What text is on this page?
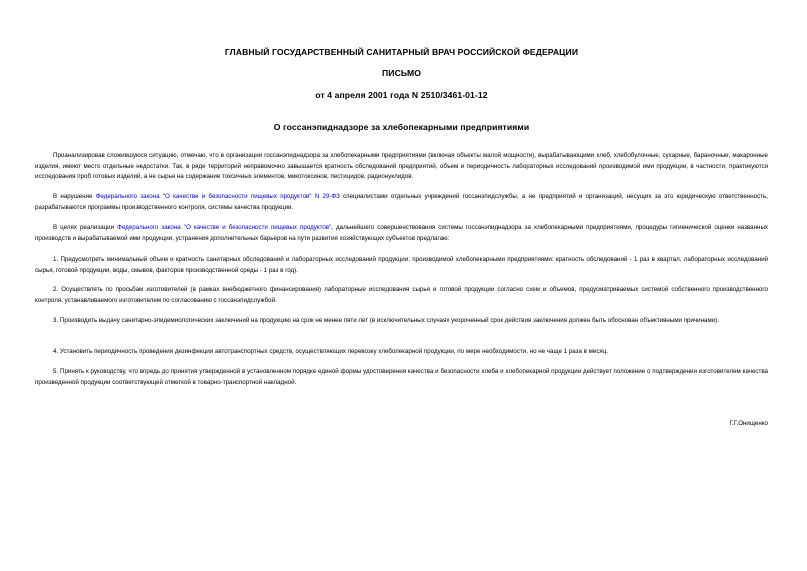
ГЛАВНЫЙ ГОСУДАРСТВЕННЫЙ САНИТАРНЫЙ ВРАЧ РОССИЙСКОЙ ФЕДЕРАЦИИ
ПИСЬМО
от 4 апреля 2001 года N 2510/3461-01-12
О госсанэпиднадзоре за хлебопекарными предприятиями
Проанализировав сложившуюся ситуацию, отмечаю, что в организации госсанэпиднадзора за хлебопекарными предприятиями (включая объекты малой мощности), вырабатывающими хлеб, хлебобулочные, сухарные, бараночные, макаронные изделия, имеют место отдельные недостатки. Так, в ряде территорий неправомочно завышается кратность обследований предприятий, объем и периодичность лабораторных исследований производимой ими продукции, в частности, практикуются исследования проб готовых изделий, а не сырья на содержание токсичных элементов, микотоксинов, пестицидов, радионуклидов.
В нарушение Федерального закона "О качестве и безопасности пищевых продуктов" N 29-ФЗ специалистами отдельных учреждений госсанэпидслужбы, а не предприятий и организаций, несущих за это юридическую ответственность, разрабатываются программы производственного контроля, системы качества продукции.
В целях реализации Федерального закона "О качестве и безопасности пищевых продуктов", дальнейшего совершенствования системы госсанэпиднадзора за хлебопекарными предприятиями, процедуры гигиенической оценки названных производств и вырабатываемой ими продукции, устранения дополнительных барьеров на пути развития хозяйствующих субъектов предлагаю:
1. Предусмотреть минимальный объем и кратность санитарных обследований и лабораторных исследований продукции, производимой хлебопекарными предприятиями: кратность обследований - 1 раз в квартал, лабораторных исследований сырья, готовой продукции, воды, смывов, факторов производственной среды - 1 раз в год).
2. Осуществлять по просьбам изготовителей (в рамках внебюджетного финансирования) лабораторные исследования сырья и готовой продукции согласно схем и объемов, предусматриваемых системой собственного производственного контроля, устанавливаемого изготовителем по согласованию с госсанэпидслужбой.
3. Производить выдачу санитарно-эпидемиологических заключений на продукцию на срок не менее пяти лет (в исключительных случаях укороченный срок действия заключения должен быть обоснован объективными причинами).
4. Установить периодичность проведения дезинфекции автотранспортных средств, осуществляющих перевозку хлебопекарной продукции, по мере необходимости, но не чаще 1 раза в месяц.
5. Принять к руководству, что впредь до принятия утвержденной в установленном порядке единой формы удостоверения качества и безопасности хлеба и хлебопекарной продукции действует положение о подтверждении изготовителем качества произведенной продукции соответствующей отметкой в товарно-транспортной накладной.
Г.Г.Онищенко
